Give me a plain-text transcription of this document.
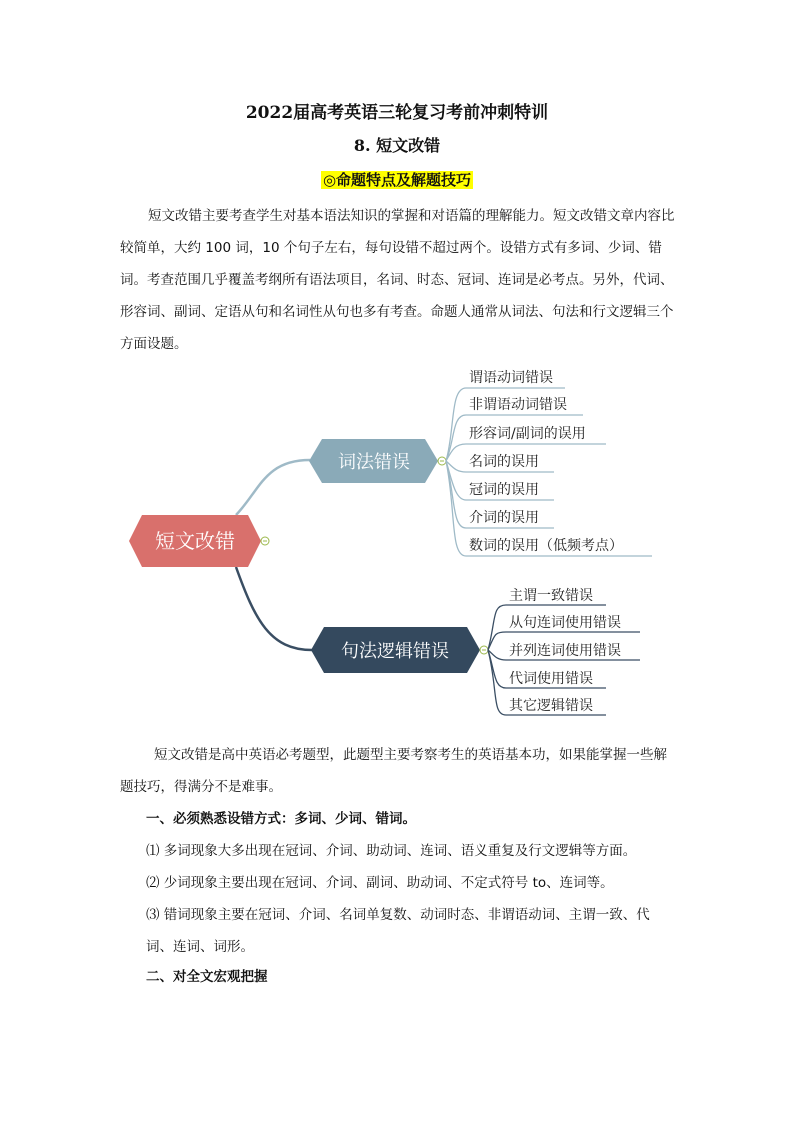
2022届高考英语三轮复习考前冲刺特训
8. 短文改错
◎命题特点及解题技巧
短文改错主要考查学生对基本语法知识的掌握和对语篇的理解能力。短文改错文章内容比较简单，大约 100 词，10 个句子左右，每句设错不超过两个。设错方式有多词、少词、错词。考查范围几乎覆盖考纲所有语法项目，名词、时态、冠词、连词是必考点。另外，代词、形容词、副词、定语从句和名词性从句也多有考查。命题人通常从词法、句法和行文逻辑三个方面设题。
短文改错
词法错误
谓语动词错误
非谓语动词错误
形容词/副词的误用
名词的误用
冠词的误用
介词的误用
数词的误用（低频考点）
句法逻辑错误
主谓一致错误
从句连词使用错误
并列连词使用错误
代词使用错误
其它逻辑错误
短文改错是高中英语必考题型，此题型主要考察考生的英语基本功，如果能掌握一些解题技巧，得满分不是难事。
一、必须熟悉设错方式：多词、少词、错词。
⑴ 多词现象大多出现在冠词、介词、助动词、连词、语义重复及行文逻辑等方面。
⑵ 少词现象主要出现在冠词、介词、副词、助动词、不定式符号 to、连词等。
⑶ 错词现象主要在冠词、介词、名词单复数、动词时态、非谓语动词、主谓一致、代
词、连词、词形。
二、对全文宏观把握
